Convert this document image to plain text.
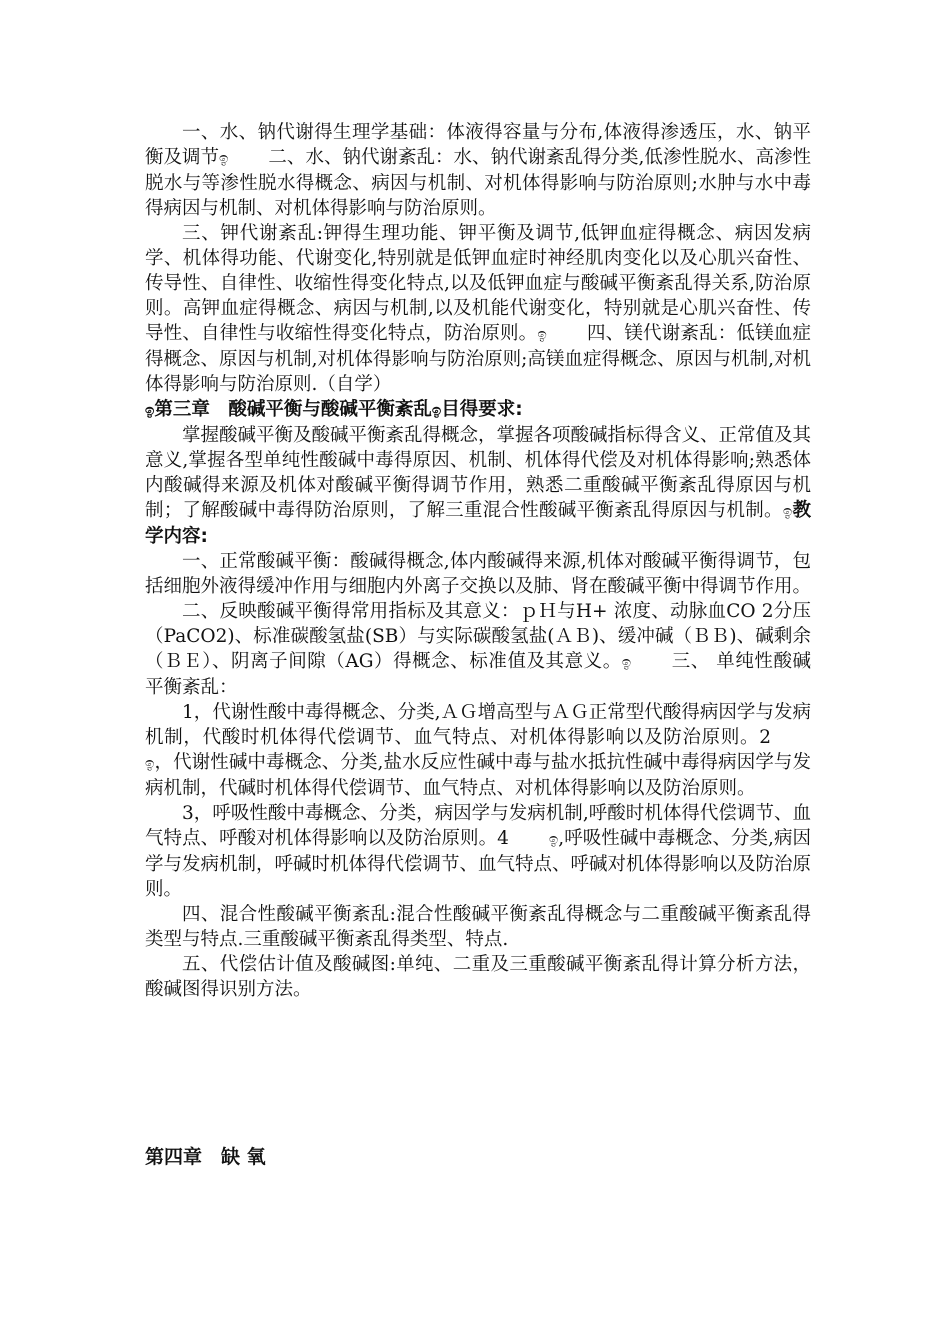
一、水、钠代谢得生理学基础：体液得容量与分布,体液得渗透压，水、钠平衡及调节ඉ 二、水、钠代谢紊乱：水、钠代谢紊乱得分类,低渗性脱水、高渗性脱水与等渗性脱水得概念、病因与机制、对机体得影响与防治原则;水肿与水中毒得病因与机制、对机体得影响与防治原则。

三、钾代谢紊乱:钾得生理功能、钾平衡及调节,低钾血症得概念、病因发病学、机体得功能、代谢变化,特别就是低钾血症时神经肌肉变化以及心肌兴奋性、传导性、自律性、收缩性得变化特点,以及低钾血症与酸碱平衡紊乱得关系,防治原则。高钾血症得概念、病因与机制,以及机能代谢变化，特别就是心肌兴奋性、传导性、自律性与收缩性得变化特点，防治原则。ඉ 四、镁代谢紊乱：低镁血症得概念、原因与机制,对机体得影响与防治原则;高镁血症得概念、原因与机制,对机体得影响与防治原则.（自学）

ඉ第三章　酸碱平衡与酸碱平衡紊乱ඉ目得要求:

掌握酸碱平衡及酸碱平衡紊乱得概念，掌握各项酸碱指标得含义、正常值及其意义,掌握各型单纯性酸碱中毒得原因、机制、机体得代偿及对机体得影响;熟悉体内酸碱得来源及机体对酸碱平衡得调节作用，熟悉二重酸碱平衡紊乱得原因与机制；了解酸碱中毒得防治原则，了解三重混合性酸碱平衡紊乱得原因与机制。ඉ教学内容:

一、正常酸碱平衡：酸碱得概念,体内酸碱得来源,机体对酸碱平衡得调节，包括细胞外液得缓冲作用与细胞内外离子交换以及肺、肾在酸碱平衡中得调节作用。

二、反映酸碱平衡得常用指标及其意义：ｐＨ与H+ 浓度、动脉血CO 2分压（PaCO2)、标准碳酸氢盐(SB）与实际碳酸氢盐(ＡＢ)、缓冲碱（ＢＢ)、碱剩余（ＢＥ）、阴离子间隙（AG）得概念、标准值及其意义。ඉ 三、 单纯性酸碱平衡紊乱：

1，代谢性酸中毒得概念、分类,ＡＧ增高型与ＡＧ正常型代酸得病因学与发病机制，代酸时机体得代偿调节、血气特点、对机体得影响以及防治原则。2ඉ，代谢性碱中毒概念、分类,盐水反应性碱中毒与盐水抵抗性碱中毒得病因学与发病机制，代碱时机体得代偿调节、血气特点、对机体得影响以及防治原则。

3，呼吸性酸中毒概念、分类，病因学与发病机制,呼酸时机体得代偿调节、血气特点、呼酸对机体得影响以及防治原则。4	ඉ,呼吸性碱中毒概念、分类,病因学与发病机制，呼碱时机体得代偿调节、血气特点、呼碱对机体得影响以及防治原则。

四、混合性酸碱平衡紊乱:混合性酸碱平衡紊乱得概念与二重酸碱平衡紊乱得类型与特点.三重酸碱平衡紊乱得类型、特点.

五、代偿估计值及酸碱图:单纯、二重及三重酸碱平衡紊乱得计算分析方法，酸碱图得识别方法。

第四章　缺 氧
